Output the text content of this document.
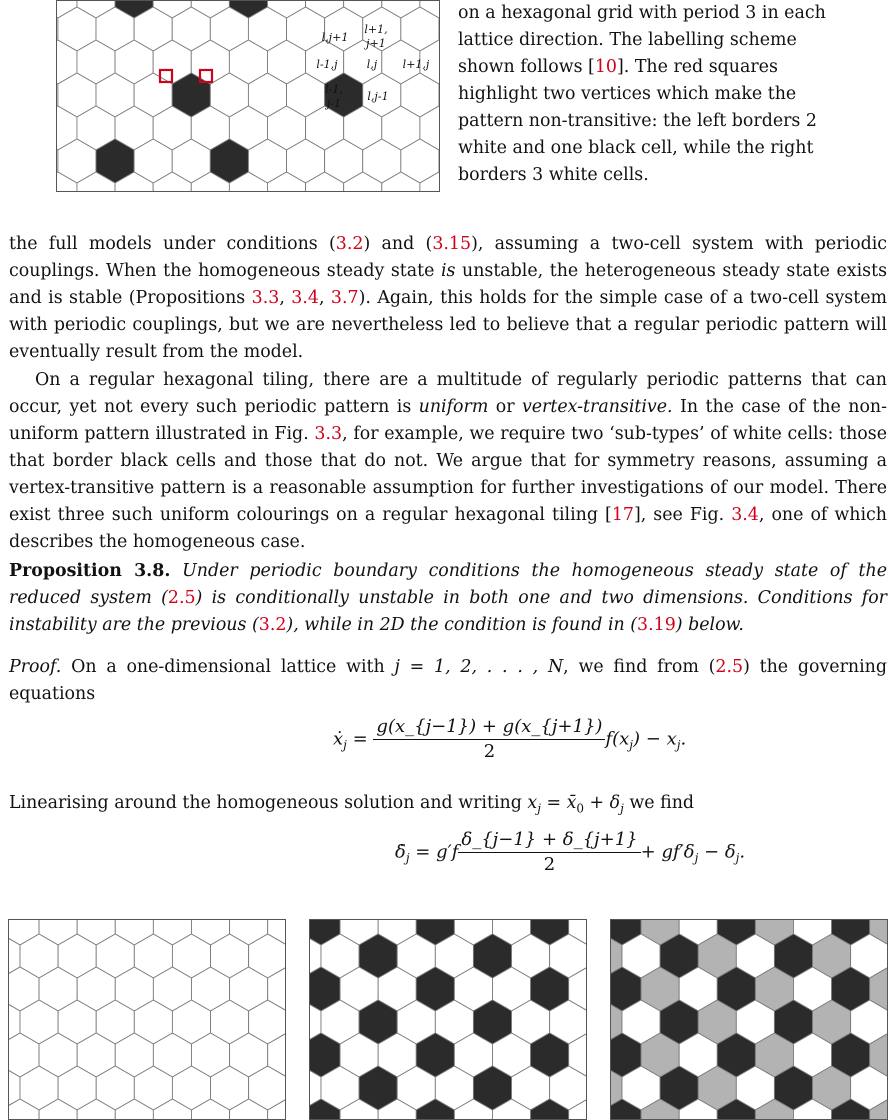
l,j+1
l+1,
j+1
l-1,j	l,j l+1,j
l-1,
j-1
l,j-1
on a hexagonal grid with period 3 in each
lattice direction. The labelling scheme
shown follows [10]. The red squares
highlight two vertices which make the
pattern non-transitive: the left borders 2
white and one black cell, while the right
borders 3 white cells.

the full models under conditions (3.2) and (3.15), assuming a two-cell system with periodic couplings. When the homogeneous steady state is unstable, the heterogeneous steady state exists and is stable (Propositions 3.3, 3.4, 3.7). Again, this holds for the simple case of a two-cell system with periodic couplings, but we are nevertheless led to believe that a regular periodic pattern will eventually result from the model.

On a regular hexagonal tiling, there are a multitude of regularly periodic patterns that can occur, yet not every such periodic pattern is uniform or vertex-transitive. In the case of the non-uniform pattern illustrated in Fig. 3.3, for example, we require two ‘sub-types’ of white cells: those that border black cells and those that do not. We argue that for symmetry reasons, assuming a vertex-transitive pattern is a reasonable assumption for further investigations of our model. There exist three such uniform colourings on a regular hexagonal tiling [17], see Fig. 3.4, one of which describes the homogeneous case.

Proposition 3.8. Under periodic boundary conditions the homogeneous steady state of the reduced system (2.5) is conditionally unstable in both one and two dimensions. Conditions for instability are the previous (3.2), while in 2D the condition is found in (3.19) below.

Proof. On a one-dimensional lattice with j = 1, 2, . . . , N, we find from (2.5) the governing equations

ẋ$_j$ = $\frac{g(x\_\{j-1\}) + g(x\_\{j+1\})}{2} f(x_j) - x_j$.

Linearising around the homogeneous solution and writing $x_j$ = $x̄_0 + \delta_j$ we find

$\deltȧ_j = g'f \frac{\delta\_\{j-1\} + \delta\_\{j+1\}}{2} + gf'\delta_j - \delta_j$.
